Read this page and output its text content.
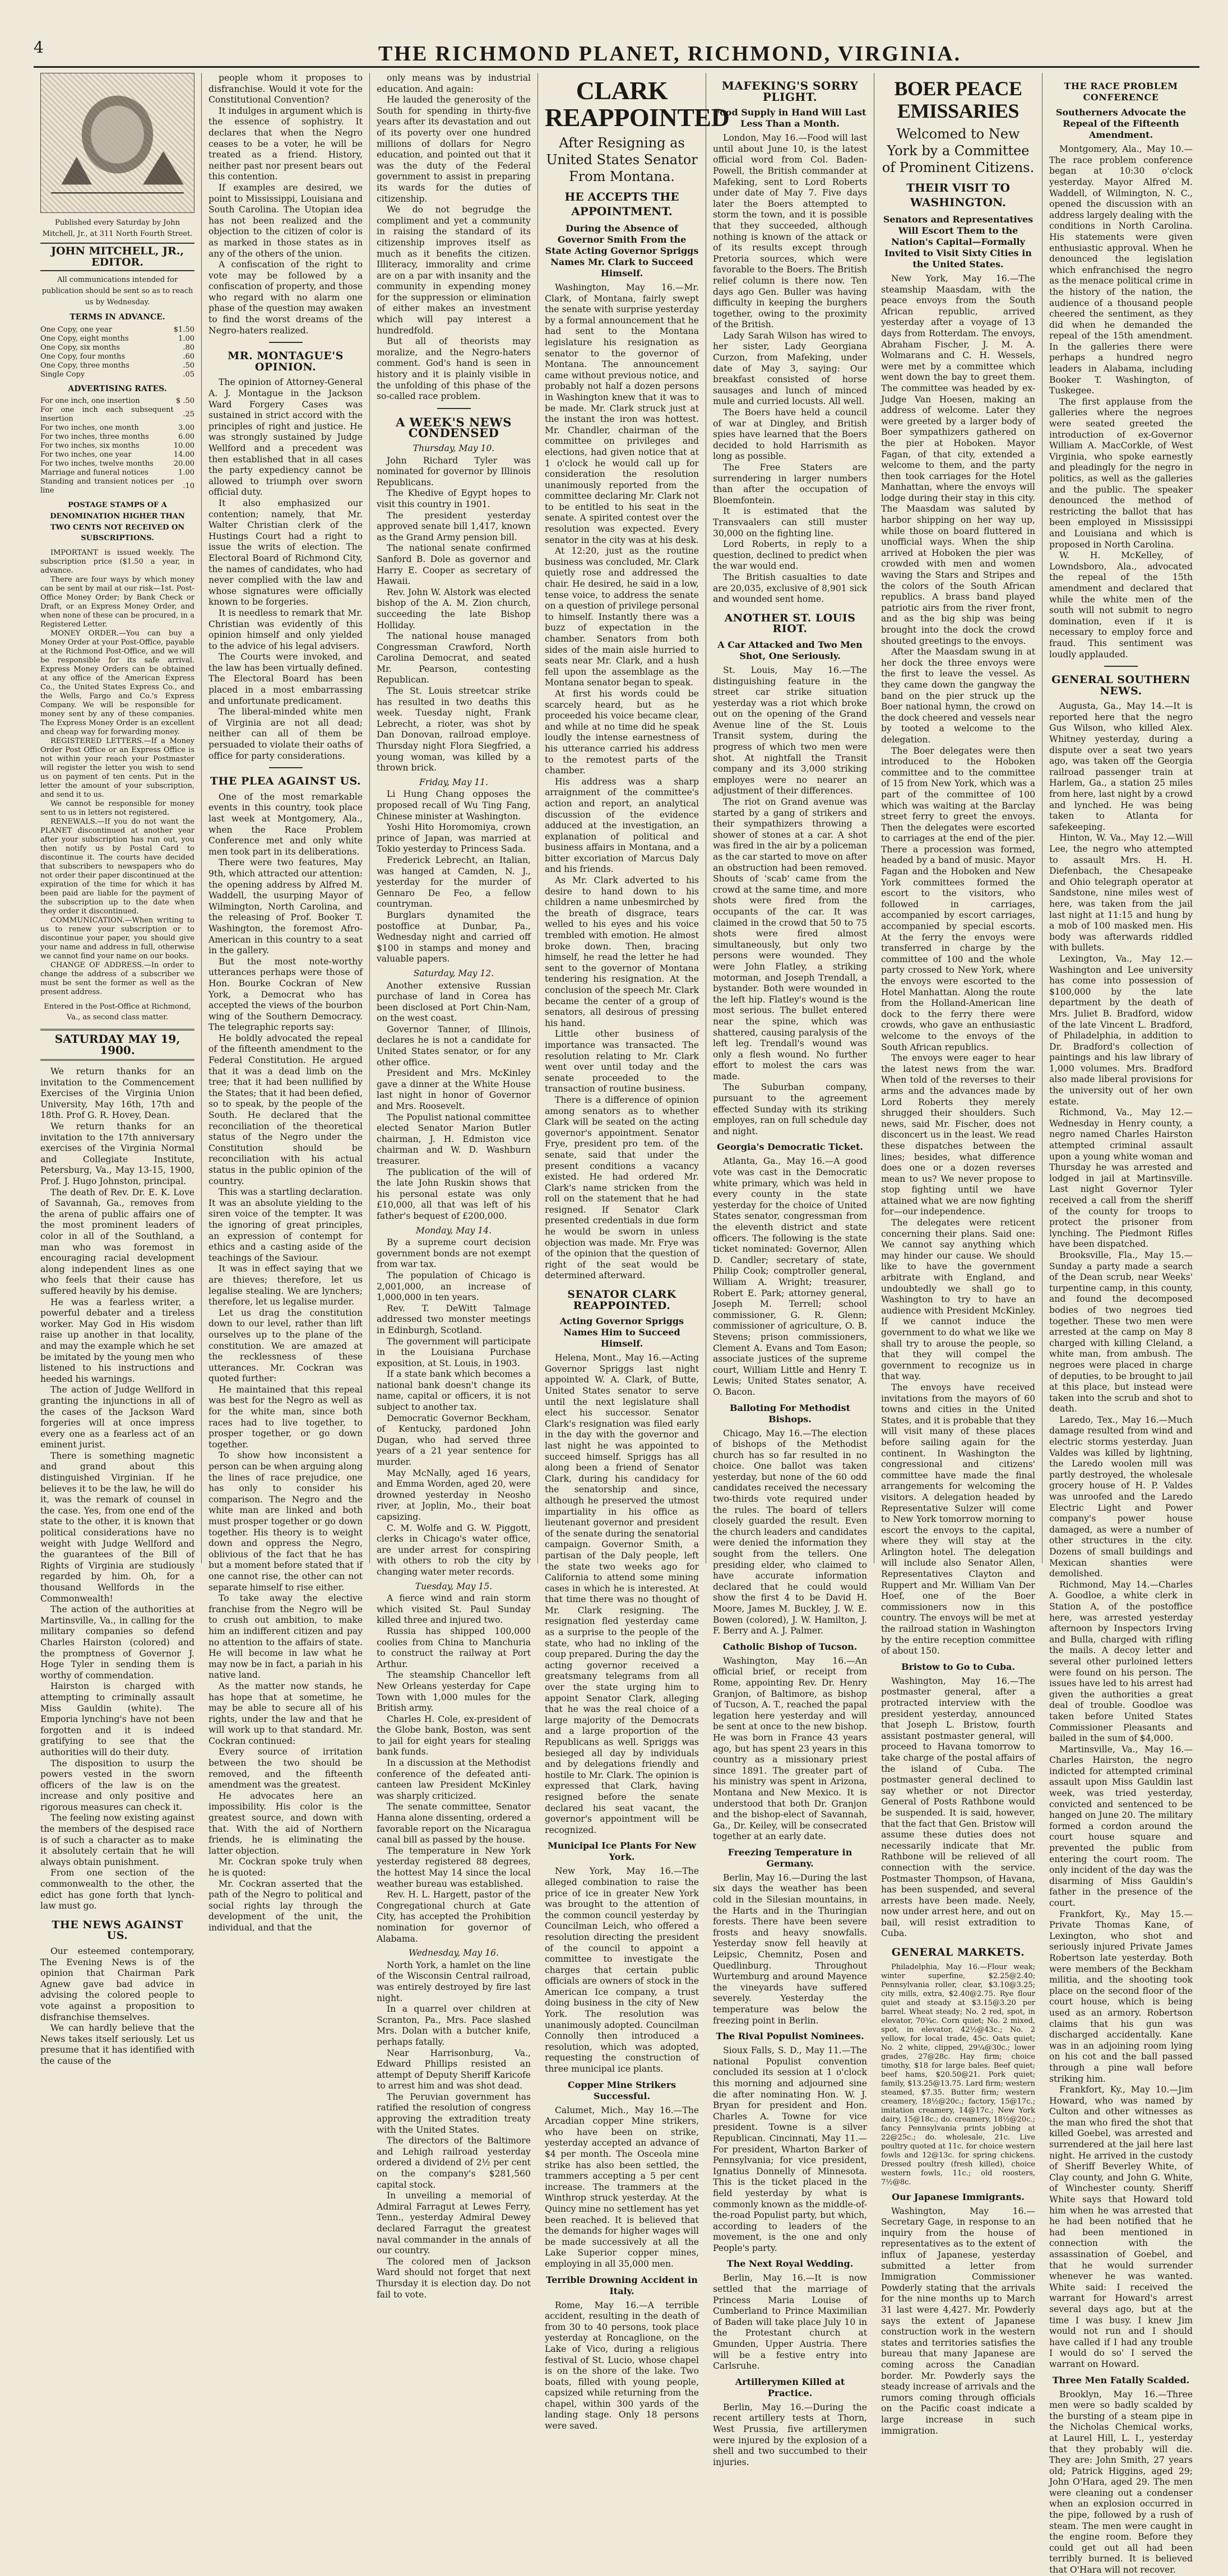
4	THE RICHMOND PLANET, RICHMOND, VIRGINIA.
Published every Saturday by John Mitchell, Jr., at 311 North Fourth Street.
JOHN MITCHELL, JR., EDITOR.
All communications intended for publication should be sent so as to reach us by Wednesday.
TERMS IN ADVANCE.
One Copy, one year	$1.50
One Copy, eight months	1.00
One Copy, six months	.80
One Copy, four months	.60
One Copy, three months	.50
Single Copy	.05
ADVERTISING RATES.
For one inch, one insertion	$ .50
For one inch each subsequent insertion	.25
For two inches, one month	3.00
For two inches, three months	6.00
For two inches, six months	10.00
For two inches, one year	14.00
For two inches, twelve months	20.00
Marriage and funeral notices	1.00
Standing and transient notices per line	.10
POSTAGE STAMPS OF A DENOMINATION HIGHER THAN TWO CENTS NOT RECEIVED ON SUBSCRIPTIONS.

IMPORTANT is issued weekly. The subscription price ($1.50 a year, in advance.

There are four ways by which money can be sent by mail at our risk—1st. Post-Office Money Order; by Bank Check or Draft, or an Express Money Order, and when none of these can be procured, in a Registered Letter.

MONEY ORDER.—You can buy a Money Order at your Post-Office, payable at the Richmond Post-Office, and we will be responsible for its safe arrival. Express Money Orders can be obtained at any office of the American Express Co., the United States Express Co., and the Wells, Fargo and Co.'s Express Company. We will be responsible for money sent by any of these companies. The Express Money Order is an excellent and cheap way for forwarding money.

REGISTERED LETTERS.—If a Money Order Post Office or an Express Office is not within your reach your Postmaster will register the letter you wish to send us on payment of ten cents. Put in the letter the amount of your subscription, and send it to us.

We cannot be responsible for money sent to us in letters not registered.

RENEWALS.—If you do not want the PLANET discontinued at another year after your subscription has run out, you then notify us by Postal Card to discontinue it. The courts have decided that subscribers to newspapers who do not order their paper discontinued at the expiration of the time for which it has been paid are liable for the payment of the subscription up to the date when they order it discontinued.

COMMUNICATION.—When writing to us to renew your subscription or to discontinue your paper, you should give your name and address in full, otherwise we cannot find your name on our books.

CHANGE OF ADDRESS.—In order to change the address of a subscriber we must be sent the former as well as the present address.

Entered in the Post-Office at Richmond, Va., as second class matter.
SATURDAY MAY 19, 1900.

We return thanks for an invitation to the Commencement Exercises of the Virginia Union University, May 16th, 17th and 18th. Prof G. R. Hovey, Dean.

We return thanks for an invitation to the 17th anniversary exercises of the Virginia Normal and Collegiate Institute, Petersburg, Va., May 13-15, 1900, Prof. J. Hugo Johnston, principal.

The death of Rev. Dr. E. K. Love of Savannah, Ga., removes from the arena of public affairs one of the most prominent leaders of color in all of the Southland, a man who was foremost in encouraging racial development along independent lines as one who feels that their cause has suffered heavily by his demise.

He was a fearless writer, a powerful debater and a tireless worker. May God in His wisdom raise up another in that locality, and may the example which he set be imitated by the young men who listened to his instructions and heeded his warnings.

The action of Judge Wellford in granting the injunctions in all of the cases of the Jackson Ward forgeries will at once impress every one as a fearless act of an eminent jurist.

There is something magnetic and grand about this distinguished Virginian. If he believes it to be the law, he will do it, was the remark of counsel in the case. Yes, from one end of the state to the other, it is known that political considerations have no weight with Judge Wellford and the guarantees of the Bill of Rights of Virginia are studiously regarded by him. Oh, for a thousand Wellfords in the Commonwealth!

The action of the authorities at Martinsville, Va., in calling for the military companies so defend Charles Hairston (colored) and the promptness of Governor J. Hoge Tyler in sending them is worthy of commendation.

Hairston is charged with attempting to criminally assault Miss Gauldin (white). The Emporia lynching's have not been forgotten and it is indeed gratifying to see that the authorities will do their duty.

The disposition to usurp the powers vested in the sworn officers of the law is on the increase and only positive and rigorous measures can check it.

The feeling now existing against the members of the despised race is of such a character as to make it absolutely certain that he will always obtain punishment.

From one section of the commonwealth to the other, the edict has gone forth that lynch-law must go.

THE NEWS AGAINST US.

Our esteemed contemporary, The Evening News is of the opinion that Chairman Park Agnew gave bad advice in advising the colored people to vote against a proposition to disfranchise themselves.

We can hardly believe that the News takes itself seriously. Let us presume that it has identified with the cause of the

people whom it proposes to disfranchise. Would it vote for the Constitutional Convention?

It indulges in argument which is the essence of sophistry. It declares that when the Negro ceases to be a voter, he will be treated as a friend. History, neither past nor present bears out this contention.

If examples are desired, we point to Mississippi, Louisiana and South Carolina. The Utopian idea has not been realized and the objection to the citizen of color is as marked in those states as in any of the others of the union.

A confiscation of the right to vote may be followed by a confiscation of property, and those who regard with no alarm one phase of the question may awaken to find the worst dreams of the Negro-haters realized.

MR. MONTAGUE'S OPINION.

The opinion of Attorney-General A. J. Montague in the Jackson Ward Forgery Cases was sustained in strict accord with the principles of right and justice. He was strongly sustained by Judge Wellford and a precedent was then established that in all cases the party expediency cannot be allowed to triumph over sworn official duty.

It also emphasized our contention; namely, that Mr. Walter Christian clerk of the Hustings Court had a right to issue the writs of election. The Electoral Board of Richmond City, the names of candidates, who had never complied with the law and whose signatures were officially known to be forgeries.

It is needless to remark that Mr. Christian was evidently of this opinion himself and only yielded to the advice of his legal advisers.

The Courts were invoked, and the law has been virtually defined. The Electoral Board has been placed in a most embarrassing and unfortunate predicament.

The liberal-minded white men of Virginia are not all dead; neither can all of them be persuaded to violate their oaths of office for party considerations.

THE PLEA AGAINST US.

One of the most remarkable events in this country, took place last week at Montgomery, Ala., when the Race Problem Conference met and only white men took part in its deliberations.

There were two features, May 9th, which attracted our attention: the opening address by Alfred M. Waddell, the usurping Mayor of Wilmington, North Carolina, and the releasing of Prof. Booker T. Washington, the foremost Afro-American in this country to a seat in the gallery.

But the most note-worthy utterances perhaps were those of Hon. Bourke Cockran of New York, a Democrat who has accepted the views of the bourbon wing of the Southern Democracy. The telegraphic reports say:

He boldly advocated the repeal of the fifteenth amendment to the Federal Constitution. He argued that it was a dead limb on the tree; that it had been nullified by the States; that it had been defied, so to speak, by the people of the South. He declared that the reconciliation of the theoretical status of the Negro under the Constitution should be reconciliation with his actual status in the public opinion of the country.

This was a startling declaration. It was an absolute yielding to the siren voice of the tempter. It was the ignoring of great principles, an expression of contempt for ethics and a casting aside of the teachings of the Saviour.

It was in effect saying that we are thieves; therefore, let us legalise stealing. We are lynchers; therefore, let us legalise murder.

Let us drag the constitution down to our level, rather than lift ourselves up to the plane of the constitution. We are amazed at the recklessness of these utterances. Mr. Cockran was quoted further:

He maintained that this repeal was best for the Negro as well as for the white man, since both races had to live together, to prosper together, or go down together.

To show how inconsistent a person can be when arguing along the lines of race prejudice, one has only to consider his comparison. The Negro and the white man are linked and both must prosper together or go down together. His theory is to weight down and oppress the Negro, oblivious of the fact that he has but a moment before stated that if one cannot rise, the other can not separate himself to rise either.

To take away the elective franchise from the Negro will be to crush out ambition, to make him an indifferent citizen and pay no attention to the affairs of state. He will become in law what he may now be in fact, a pariah in his native land.

As the matter now stands, he has hope that at sometime, he may be able to secure all of his rights, under the law and that he will work up to that standard. Mr. Cockran continued:

Every source of irritation between the two should be removed, and the fifteenth amendment was the greatest.

He advocates here an impossibility. His color is the greatest source, and down with that. With the aid of Northern friends, he is eliminating the latter objection.

Mr. Cockran spoke truly when he is quoted:

Mr. Cockran asserted that the path of the Negro to political and social rights lay through the development of the unit, the individual, and that the

only means was by industrial education. And again:

He lauded the generosity of the South for spending in thirty-five years after its devastation and out of its poverty over one hundred millions of dollars for Negro education, and pointed out that it was the duty of the Federal government to assist in preparing its wards for the duties of citizenship.

We do not begrudge the compliment and yet a community in raising the standard of its citizenship improves itself as much as it benefits the citizen. Illiteracy, immorality and crime are on a par with insanity and the community in expending money for the suppression or elimination of either makes an investment which will pay interest a hundredfold.

But all of theorists may moralize, and the Negro-haters comment. God's hand is seen in history and it is plainly visible in the unfolding of this phase of the so-called race problem.

A WEEK'S NEWS CONDENSED
Thursday, May 10.

John Richard Tyler was nominated for governor by Illinois Republicans.

The Khedive of Egypt hopes to visit this country in 1901.

The president yesterday approved senate bill 1,417, known as the Grand Army pension bill.

The national senate confirmed Sanford B. Dole as governor and Harry E. Cooper as secretary of Hawaii.

Rev. John W. Alstork was elected bishop of the A. M. Zion church, succeeding the late Bishop Holliday.

The national house managed Congressman Crawford, North Carolina Democrat, and seated Mr. Pearson, contesting Republican.

The St. Louis streetcar strike has resulted in two deaths this week. Tuesday night, Frank Lebrecht, a rioter, was shot by Dan Donovan, railroad employe. Thursday night Flora Siegfried, a young woman, was killed by a thrown brick.

Friday, May 11.

Li Hung Chang opposes the proposed recall of Wu Ting Fang, Chinese minister at Washington.

Yoshi Hito Horomomiya, crown prince of Japan, was married at Tokio yesterday to Princess Sada.

Frederick Lebrecht, an Italian, was hanged at Camden, N. J., yesterday for the murder of Gennaro De Feo, a fellow countryman.

Burglars dynamited the postoffice at Dunbar, Pa., Wednesday night and carried off $100 in stamps and money and valuable papers.

Saturday, May 12.

Another extensive Russian purchase of land in Corea has been disclosed at Port Chin-Nam, on the west coast.

Governor Tanner, of Illinois, declares he is not a candidate for United States senator, or for any other office.

President and Mrs. McKinley gave a dinner at the White House last night in honor of Governor and Mrs. Roosevelt.

The Populist national committee elected Senator Marion Butler chairman, J. H. Edmiston vice chairman and W. D. Washburn treasurer.

The publication of the will of the late John Ruskin shows that his personal estate was only £10,000, all that was left of his father's bequest of £200,000.

Monday, May 14.

By a supreme court decision government bonds are not exempt from war tax.

The population of Chicago is 2,001,000, an increase of 1,000,000 in ten years.

Rev. T. DeWitt Talmage addressed two monster meetings in Edinburgh, Scotland.

The government will participate in the Louisiana Purchase exposition, at St. Louis, in 1903.

If a state bank which becomes a national bank doesn't change its name, capital or officers, it is not subject to another tax.

Democratic Governor Beckham, of Kentucky, pardoned John Dugan, who had served three years of a 21 year sentence for murder.

May McNally, aged 16 years, and Emma Worden, aged 20, were drowned yesterday in Neosho river, at Joplin, Mo., their boat capsizing.

C. M. Wolfe and G. W. Piggott, clerks in Chicago's water office, are under arrest for conspiring with others to rob the city by changing water meter records.

Tuesday, May 15.

A fierce wind and rain storm which visited St. Paul Sunday killed three and injured two.

Russia has shipped 100,000 coolies from China to Manchuria to construct the railway at Port Arthur.

The steamship Chancellor left New Orleans yesterday for Cape Town with 1,000 mules for the British army.

Charles H. Cole, ex-president of the Globe bank, Boston, was sent to jail for eight years for stealing bank funds.

In a discussion at the Methodist conference of the defeated anti-canteen law President McKinley was sharply criticized.

The senate committee, Senator Hanna alone dissenting, ordered a favorable report on the Nicaragua canal bill as passed by the house.

The temperature in New York yesterday registered 88 degrees, the hottest May 14 since the local weather bureau was established.

Rev. H. L. Hargett, pastor of the Congregational church at Gate City, has accepted the Prohibition nomination for governor of Alabama.

Wednesday, May 16.

North York, a hamlet on the line of the Wisconsin Central railroad, was entirely destroyed by fire last night.

In a quarrel over children at Scranton, Pa., Mrs. Pace slashed Mrs. Dolan with a butcher knife, perhaps fatally.

Near Harrisonburg, Va., Edward Phillips resisted an attempt of Deputy Sheriff Karicofe to arrest him and was shot dead.

The Peruvian government has ratified the resolution of congress approving the extradition treaty with the United States.

The directors of the Baltimore and Lehigh railroad yesterday ordered a dividend of 2½ per cent on the company's $281,560 capital stock.

In unveiling a memorial of Admiral Farragut at Lewes Ferry, Tenn., yesterday Admiral Dewey declared Farragut the greatest naval commander in the annals of our country.

The colored men of Jackson Ward should not forget that next Thursday it is election day. Do not fail to vote.

CLARK REAPPOINTED
After Resigning as United States Senator From Montana.
HE ACCEPTS THE APPOINTMENT.
During the Absence of Governor Smith From the State Acting Governor Spriggs Names Mr. Clark to Succeed Himself.

Washington, May 16.—Mr. Clark, of Montana, fairly swept the senate with surprise yesterday by a formal announcement that he had sent to the Montana legislature his resignation as senator to the governor of Montana. The announcement came without previous notice, and probably not half a dozen persons in Washington knew that it was to be made. Mr. Clark struck just at the instant the iron was hottest. Mr. Chandler, chairman of the committee on privileges and elections, had given notice that at 1 o'clock he would call up for consideration the resolution unanimously reported from the committee declaring Mr. Clark not to be entitled to his seat in the senate. A spirited contest over the resolution was expected. Every senator in the city was at his desk.

At 12:20, just as the routine business was concluded, Mr. Clark quietly rose and addressed the chair. He desired, he said in a low, tense voice, to address the senate on a question of privilege personal to himself. Instantly there was a buzz of expectation in the chamber. Senators from both sides of the main aisle hurried to seats near Mr. Clark, and a hush fell upon the assemblage as the Montana senator began to speak.

At first his words could be scarcely heard, but as he proceeded his voice became clear, and while at no time did he speak loudly the intense earnestness of his utterance carried his address to the remotest parts of the chamber.

His address was a sharp arraignment of the committee's action and report, an analytical discussion of the evidence adduced at the investigation, an explanation of political and business affairs in Montana, and a bitter excoriation of Marcus Daly and his friends.

As Mr. Clark adverted to his desire to hand down to his children a name unbesmirched by the breath of disgrace, tears welled to his eyes and his voice trembled with emotion. He almost broke down. Then, bracing himself, he read the letter he had sent to the governor of Montana tendering his resignation. At the conclusion of the speech Mr. Clark became the center of a group of senators, all desirous of pressing his hand.

Little other business of importance was transacted. The resolution relating to Mr. Clark went over until today and the senate proceeded to the transaction of routine business.

There is a difference of opinion among senators as to whether Clark will be seated on the acting governor's appointment. Senator Frye, president pro tem. of the senate, said that under the present conditions a vacancy existed. He had ordered Mr. Clark's name stricken from the roll on the statement that he had resigned. If Senator Clark presented credentials in due form he would be sworn in unless objection was made. Mr. Frye was of the opinion that the question of right of the seat would be determined afterward.

SENATOR CLARK REAPPOINTED.
Acting Governor Spriggs Names Him to Succeed Himself.

Helena, Mont., May 16.—Acting Governor Spriggs last night appointed W. A. Clark, of Butte, United States senator to serve until the next legislature shall elect his successor. Senator Clark's resignation was filed early in the day with the governor and last night he was appointed to succeed himself. Spriggs has all along been a friend of Senator Clark, during his candidacy for the senatorship and since, although he preserved the utmost impartiality in his office as lieutenant governor and president of the senate during the senatorial campaign. Governor Smith, a partisan of the Daly people, left the state two weeks ago for California to attend some mining cases in which he is interested. At that time there was no thought of Mr. Clark resigning. The resignation fled yesterday came as a surprise to the people of the state, who had no inkling of the coup prepared. During the day the acting governor received a greatsmany telegrams from all over the state urging him to appoint Senator Clark, alleging that he was the real choice of a large majority of the Democrats and a large proportion of the Republicans as well. Spriggs was besieged all day by individuals and by delegations friendly and hostile to Mr. Clark. The opinion is expressed that Clark, having resigned before the senate declared his seat vacant, the governor's appointment will be recognized.

Municipal Ice Plants For New York.

New York, May 16.—The alleged combination to raise the price of ice in greater New York was brought to the attention of the common council yesterday by Councilman Leich, who offered a resolution directing the president of the council to appoint a committee to investigate the charges that certain public officials are owners of stock in the American Ice company, a trust doing business in the city of New York. The resolution was unanimously adopted. Councilman Connolly then introduced a resolution, which was adopted, requesting the construction of three municipal ice plants.

Copper Mine Strikers Successful.

Calumet, Mich., May 16.—The Arcadian copper Mine strikers, who have been on strike, yesterday accepted an advance of $4 per month. The Osceola mine strike has also been settled, the trammers accepting a 5 per cent increase. The trammers at the Winthrop struck yesterday. At the Quincy mine no settlement has yet been reached. It is believed that the demands for higher wages will be made successively at all the Lake Superior copper mines, employing in all 35,000 men.

Terrible Drowning Accident in Italy.

Rome, May 16.—A terrible accident, resulting in the death of from 30 to 40 persons, took place yesterday at Roncaglione, on the Lake of Vico, during a religious festival of St. Lucio, whose chapel is on the shore of the lake. Two boats, filled with young people, capsized while returning from the chapel, within 300 yards of the landing stage. Only 18 persons were saved.

MAFEKING'S SORRY PLIGHT.
Food Supply in Hand Will Last Less Than a Month.

London, May 16.—Food will last until about June 10, is the latest official word from Col. Baden-Powell, the British commander at Mafeking, sent to Lord Roberts under date of May 7. Five days later the Boers attempted to storm the town, and it is possible that they succeeded, although nothing is known of the attack or of its results except through Pretoria sources, which were favorable to the Boers. The British relief column is there now. Ten days ago Gen. Buller was having difficulty in keeping the burghers together, owing to the proximity of the British.

Lady Sarah Wilson has wired to her sister, Lady Georgiana Curzon, from Mafeking, under date of May 3, saying: Our breakfast consisted of horse sausages and lunch of minced mule and curried locusts. All well.

The Boers have held a council of war at Dingley, and British spies have learned that the Boers decided to hold Harrismith as long as possible.

The Free Staters are surrendering in larger numbers than after the occupation of Bloemfontein.

It is estimated that the Transvaalers can still muster 30,000 on the fighting line.

Lord Roberts, in reply to a question, declined to predict when the war would end.

The British casualties to date are 20,035, exclusive of 8,901 sick and wounded sent home.

ANOTHER ST. LOUIS RIOT.
A Car Attacked and Two Men Shot, One Seriously.

St. Louis, May 16.—The distinguishing feature in the street car strike situation yesterday was a riot which broke out on the opening of the Grand Avenue line of the St. Louis Transit system, during the progress of which two men were shot. At nightfall the Transit company and its 3,000 striking employes were no nearer an adjustment of their differences.

The riot on Grand avenue was started by a gang of strikers and their sympathizers throwing a shower of stones at a car. A shot was fired in the air by a policeman as the car started to move on after an obstruction had been removed. Shouts of 'scab' came from the crowd at the same time, and more shots were fired from the occupants of the car. It was claimed in the crowd that 50 to 75 shots were fired almost simultaneously, but only two persons were wounded. They were John Flatley, a striking motorman, and Joseph Trendall, a bystander. Both were wounded in the left hip. Flatley's wound is the most serious. The bullet entered near the spine, which was shattered, causing paralysis of the left leg. Trendall's wound was only a flesh wound. No further effort to molest the cars was made.

The Suburban company, pursuant to the agreement effected Sunday with its striking employes, ran on full schedule day and night.

Georgia's Democratic Ticket.

Atlanta, Ga., May 16.—A good vote was cast in the Democratic white primary, which was held in every county in the state yesterday for the choice of United States senator, congressman from the eleventh district and state officers. The following is the state ticket nominated: Governor, Allen D. Candler; secretary of state, Philip Cook; comptroller general, William A. Wright; treasurer, Robert E. Park; attorney general, Joseph M. Terrell; school commissioner, G. R. Glenn; commissioner of agriculture, O. B. Stevens; prison commissioners, Clement A. Evans and Tom Eason; associate justices of the supreme court, William Little and Henry T. Lewis; United States senator, A. O. Bacon.

Balloting For Methodist Bishops.

Chicago, May 16.—The election of bishops of the Methodist church has so far resulted in no choice. One ballot was taken yesterday, but none of the 60 odd candidates received the necessary two-thirds vote required under the rules. The board of tellers closely guarded the result. Even the church leaders and candidates were denied the information they sought from the tellers. One presiding elder, who claimed to have accurate information declared that he could would show the first 4 to be David H. Moore, James M. Buckley, J. W. E. Bowen (colored), J. W. Hamilton, J. F. Berry and A. J. Palmer.

Catholic Bishop of Tucson.

Washington, May 16.—An official brief, or receipt from Rome, appointing Rev. Dr. Henry Granjon, of Baltimore, as bishop of Tucson, A. T., reached the papal legation here yesterday and will be sent at once to the new bishop. He was born in France 43 years ago, but has spent 23 years in this country as a missionary priest since 1891. The greater part of his ministry was spent in Arizona, Montana and New Mexico. It is understood that both Dr. Granjon and the bishop-elect of Savannah, Ga., Dr. Keiley, will be consecrated together at an early date.

Freezing Temperature in Germany.

Berlin, May 16.—During the last six days the weather has been cold in the Silesian mountains, in the Harts and in the Thuringian forests. There have been severe frosts and heavy snowfalls. Yesterday snow fell heavily at Leipsic, Chemnitz, Posen and Quedlinburg. Throughout Wurtemburg and around Mayence the vineyards have suffered severely. Yesterday the temperature was below the freezing point in Berlin.

The Rival Populist Nominees.

Sioux Falls, S. D., May 11.—The national Populist convention concluded its session at 1 o'clock this morning and adjourned sine die after nominating Hon. W. J. Bryan for president and Hon. Charles A. Towne for vice president. Towne is a silver Republican. Cincinnati, May 11.—For president, Wharton Barker of Pennsylvania; for vice president, Ignatius Donnelly of Minnesota. This is the ticket placed in the field yesterday by what is commonly known as the middle-of-the-road Populist party, but which, according to leaders of the movement, is the one and only People's party.

The Next Royal Wedding.

Berlin, May 16.—It is now settled that the marriage of Princess Maria Louise of Cumberland to Prince Maximilian of Baden will take place July 10 in the Protestant church at Gmunden, Upper Austria. There will be a festive entry into Carlsruhe.

Artillerymen Killed at Practice.

Berlin, May 16.—During the recent artillery tests at Thorn, West Prussia, five artillerymen were injured by the explosion of a shell and two succumbed to their injuries.

BOER PEACE EMISSARIES
Welcomed to New York by a Committee of Prominent Citizens.
THEIR VISIT TO WASHINGTON.
Senators and Representatives Will Escort Them to the Nation's Capital—Formally Invited to Visit Sixty Cities in the United States.

New York, May 16.—The steamship Maasdam, with the peace envoys from the South African republic, arrived yesterday after a voyage of 13 days from Rotterdam. The envoys, Abraham Fischer, J. M. A. Wolmarans and C. H. Wessels, were met by a committee which went down the bay to greet them. The committee was headed by ex-Judge Van Hoesen, making an address of welcome. Later they were greeted by a larger body of Boer sympathizers gathered on the pier at Hoboken. Mayor Fagan, of that city, extended a welcome to them, and the party then took carriages for the Hotel Manhattan, where the envoys will lodge during their stay in this city. The Maasdam was saluted by harbor shipping on her way up, while those on board fluttered in unofficial ways. When the ship arrived at Hoboken the pier was crowded with men and women waving the Stars and Stripes and the colors of the South African republics. A brass band played patriotic airs from the river front, and as the big ship was being brought into the dock the crowd shouted greetings to the envoys.

After the Maasdam swung in at her dock the three envoys were the first to leave the vessel. As they came down the gangway the band on the pier struck up the Boer national hymn, the crowd on the dock cheered and vessels near by tooted a welcome to the delegation.

The Boer delegates were then introduced to the Hoboken committee and to the committee of 15 from New York, which was a part of the committee of 100 which was waiting at the Barclay street ferry to greet the envoys. Then the delegates were escorted to carriages at the end of the pier. There a procession was formed, headed by a band of music. Mayor Fagan and the Hoboken and New York committees formed the escort to the visitors, who followed in carriages, accompanied by escort carriages, accompanied by special escorts. At the ferry the envoys were transferred in charge by the committee of 100 and the whole party crossed to New York, where the envoys were escorted to the Hotel Manhattan. Along the route from the Holland-American line dock to the ferry there were crowds, who gave an enthusiastic welcome to the envoys of the South African republics.

The envoys were eager to hear the latest news from the war. When told of the reverses to their arms and the advances made by Lord Roberts they merely shrugged their shoulders. Such news, said Mr. Fischer, does not disconcert us in the least. We read these dispatches between the lines; besides, what difference does one or a dozen reverses mean to us? We never propose to stop fighting until we have attained what we are now fighting for—our independence.

The delegates were reticent concerning their plans. Said one: We cannot say anything which may hinder our cause. We should like to have the government arbitrate with England, and undoubtedly we shall go to Washington to try to have an audience with President McKinley. If we cannot induce the government to do what we like we shall try to arouse the people, so that they will compel the government to recognize us in that way.

The envoys have received invitations from the mayors of 60 towns and cities in the United States, and it is probable that they will visit many of these places before sailing again for the continent. In Washington the congressional and citizens' committee have made the final arrangements for welcoming the visitors. A delegation headed by Representative Sulzer will come to New York tomorrow morning to escort the envoys to the capital, where they will stay at the Arlington hotel. The delegation will include also Senator Allen, Representatives Clayton and Ruppert and Mr. William Van Der Hoef, one of the Boer commissioners now in this country. The envoys will be met at the railroad station in Washington by the entire reception committee of about 150.

Bristow to Go to Cuba.

Washington, May 16.—The postmaster general, after a protracted interview with the president yesterday, announced that Joseph L. Bristow, fourth assistant postmaster general, will proceed to Havana tomorrow to take charge of the postal affairs of the island of Cuba. The postmaster general declined to say whether or not Director General of Posts Rathbone would be suspended. It is said, however, that the fact that Gen. Bristow will assume these duties does not necessarily indicate that Mr. Rathbone will be relieved of all connection with the service. Postmaster Thompson, of Havana, has been suspended, and several arrests have been made. Neely, now under arrest here, and out on bail, will resist extradition to Cuba.

GENERAL MARKETS.

Philadelphia, May 16.—Flour weak; winter superfine, $2.25@2.40; Pennsylvania roller, clear, $3.10@3.25; city mills, extra, $2.40@2.75. Rye flour quiet and steady at $3.15@3.20 per barrel. Wheat steady; No. 2 red, spot, in elevator, 70¾c. Corn quiet; No. 2 mixed, spot, in elevator, 42½@43c.; No. 2 yellow, for local trade, 45c. Oats quiet; No. 2 white, clipped, 29¼@30c.; lower grades, 27@28c. Hay firm; choice timothy, $18 for large bales. Beef quiet; beef hams, $20.50@21. Pork quiet; family, $13.25@13.75. Lard firm; western steamed, $7.35. Butter firm; western creamery, 18½@20c.; factory, 15@17c.; imitation creamery, 14@17c.; New York dairy, 15@18c.; do. creamery, 18½@20c.; fancy Pennsylvania prints jobbing at 22@25c.; do. wholesale, 21c. Live poultry quoted at 11c. for choice western fowls and 12@13c. for spring chickens. Dressed poultry (fresh killed), choice western fowls, 11c.; old roosters, 7½@8c.

Our Japanese Immigrants.

Washington, May 16.—Secretary Gage, in response to an inquiry from the house of representatives as to the extent of influx of Japanese, yesterday submitted a letter from Immigration Commissioner Powderly stating that the arrivals for the nine months up to March 31 last were 4,427. Mr. Powderly says the extent of Japanese construction work in the western states and territories satisfies the bureau that many Japanese are coming across the Canadian border. Mr. Powderly says the steady increase of arrivals and the rumors coming through officials on the Pacific coast indicate a large increase in such immigration.

THE RACE PROBLEM CONFERENCE
Southerners Advocate the Repeal of the Fifteenth Amendment.

Montgomery, Ala., May 10.—The race problem conference began at 10:30 o'clock yesterday. Mayor Alfred M. Waddell, of Wilmington, N. C., opened the discussion with an address largely dealing with the conditions in North Carolina. His statements were given enthusiastic approval. When he denounced the legislation which enfranchised the negro as the menace political crime in the history of the nation, the audience of a thousand people cheered the sentiment, as they did when he demanded the repeal of the 15th amendment. In the galleries there were perhaps a hundred negro leaders in Alabama, including Booker T. Washington, of Tuskegee.

The first applause from the galleries where the negroes were seated greeted the introduction of ex-Governor William A. MacCorkle, of West Virginia, who spoke earnestly and pleadingly for the negro in politics, as well as the galleries and the public. The speaker denounced the method of restricting the ballot that has been employed in Mississippi and Louisiana and which is proposed in North Carolina.

W. H. McKelley, of Lowndsboro, Ala., advocated the repeal of the 15th amendment and declared that while the white men of the south will not submit to negro domination, even if it is necessary to employ force and fraud. This sentiment was loudly applauded.

GENERAL SOUTHERN NEWS.

Augusta, Ga., May 14.—It is reported here that the negro Gus Wilson, who killed Alex. Whitney yesterday, during a dispute over a seat two years ago, was taken off the Georgia railroad passenger train at Harlem, Ga., a station 25 miles from here, last night by a crowd and lynched. He was being taken to Atlanta for safekeeping.

Hinton, W. Va., May 12.—Will Lee, the negro who attempted to assault Mrs. H. H. Diefenbach, the Chesapeake and Ohio telegraph operator at Sandstone, nine miles west of here, was taken from the jail last night at 11:15 and hung by a mob of 100 masked men. His body was afterwards riddled with bullets.

Lexington, Va., May 12.—Washington and Lee university has come into possession of $100,000 by the late department by the death of Mrs. Juliet B. Bradford, widow of the late Vincent L. Bradford, of Philadelphia, in addition to Dr. Bradford's collection of paintings and his law library of 1,000 volumes. Mrs. Bradford also made liberal provisions for the university out of her own estate.

Richmond, Va., May 12.—Wednesday in Henry county, a negro named Charles Hairston attempted criminal assault upon a young white woman and Thursday he was arrested and lodged in jail at Martinsville. Last night Governor Tyler received a call from the sheriff of the county for troops to protect the prisoner from lynching. The Piedmont Rifles have been dispatched.

Brooksville, Fla., May 15.—Sunday a party made a search of the Dean scrub, near Weeks' turpentine camp, in this county, and found the decomposed bodies of two negroes tied together. These two men were arrested at the camp on May 8 charged with killing Cleland, a white man, from ambush. The negroes were placed in charge of deputies, to be brought to jail at this place, but instead were taken into the scrub and shot to death.

Laredo, Tex., May 16.—Much damage resulted from wind and electric storms yesterday. Juan Valdes was killed by lightning, the Laredo woolen mill was partly destroyed, the wholesale grocery house of H. P. Valdes was unroofed and the Laredo Electric Light and Power company's power house damaged, as were a number of other structures in the city. Dozens of small buildings and Mexican shanties were demolished.

Richmond, May 14.—Charles A. Goodloe, a white clerk in Station A, of the postoffice here, was arrested yesterday afternoon by Inspectors Irving and Bulla, charged with rifling the mails. A decoy letter and several other purloined letters were found on his person. The issues have led to his arrest had given the authorities a great deal of trouble. Goodloe was taken before United States Commissioner Pleasants and bailed in the sum of $4,000.

Martinsville, Va., May 16.—Charles Hairston, the negro indicted for attempted criminal assault upon Miss Gauldin last week, was tried yesterday, convicted and sentenced to be hanged on June 20. The military formed a cordon around the court house square and prevented the public from entering the court room. The only incident of the day was the disarming of Miss Gauldin's father in the presence of the court.

Frankfort, Ky., May 15.—Private Thomas Kane, of Lexington, who shot and seriously injured Private James Robertson late yesterday. Both were members of the Beckham militia, and the shooting took place on the second floor of the court house, which is being used as an armory. Robertson claims that his gun was discharged accidentally. Kane was in an adjoining room lying on his cot and the ball passed through a pine wall before striking him.

Frankfort, Ky., May 10.—Jim Howard, who was named by Culton and other witnesses as the man who fired the shot that killed Goebel, was arrested and surrendered at the jail here last night. He arrived in the custody of Sheriff Beverley White, of Clay county, and John G. White, of Winchester county. Sheriff White says that Howard told him when he was arrested that he had been notified that he had been mentioned in connection with the assassination of Goebel, and that he would surrender whenever he was wanted. White said: I received the warrant for Howard's arrest several days ago, but at the time I was busy. I knew Jim would not run and I should have called if I had any trouble I would do so' I served the warrant on Howard.

Three Men Fatally Scalded.

Brooklyn, May 16.—Three men were so badly scalded by the bursting of a steam pipe in the Nicholas Chemical works, at Laurel Hill, L. I., yesterday that they probably will die. They are: John Smith, 27 years old; Patrick Higgins, aged 29; John O'Hara, aged 29. The men were cleaning out a condenser when an explosion occurred in the pipe, followed by a rush of steam. The men were caught in the engine room. Before they could get out all had been terribly burned. It is believed that O'Hara will not recover.
